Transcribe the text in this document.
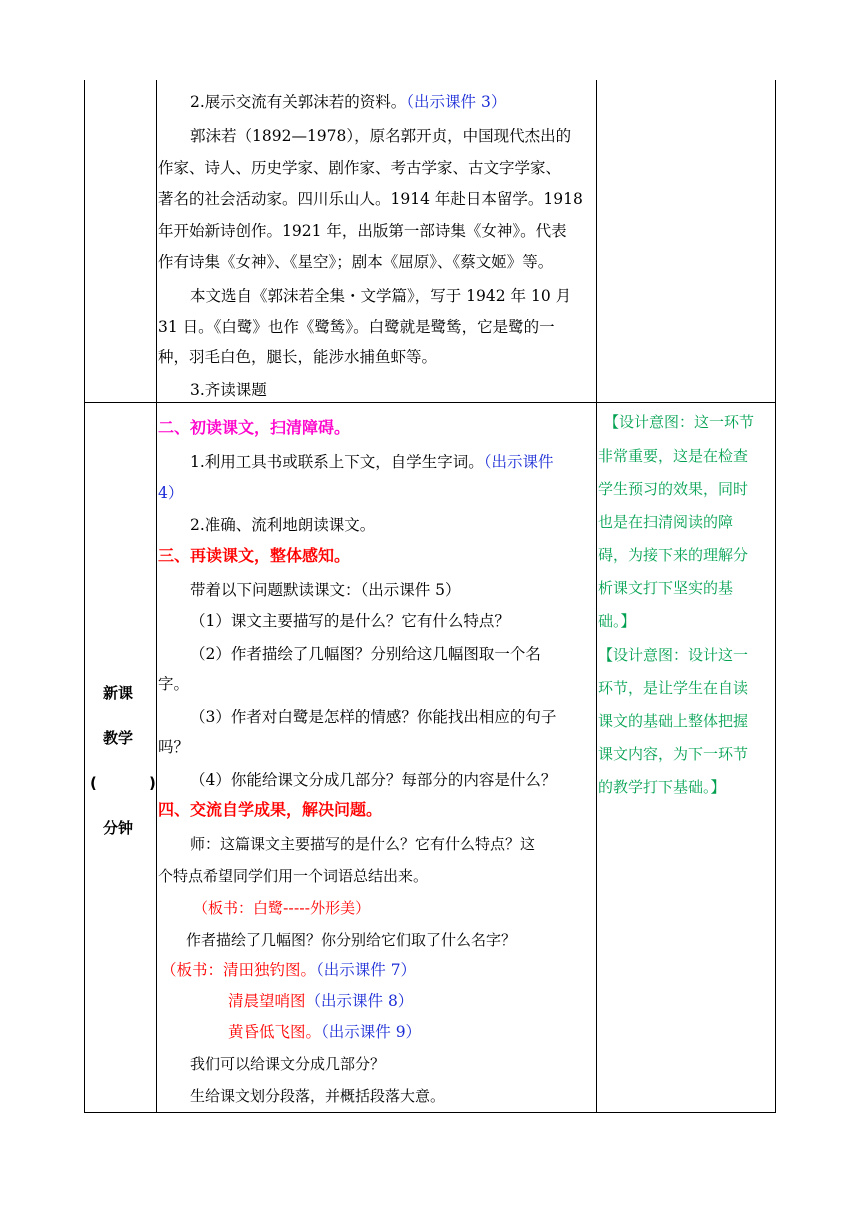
2.展示交流有关郭沫若的资料。（出示课件 3）
郭沫若（1892—1978），原名郭开贞，中国现代杰出的
作家、诗人、历史学家、剧作家、考古学家、古文字学家、
著名的社会活动家。四川乐山人。1914 年赴日本留学。1918
年开始新诗创作。1921 年，出版第一部诗集《女神》。代表
作有诗集《女神》、《星空》；剧本《屈原》、《蔡文姬》等。
本文选自《郭沫若全集・文学篇》，写于 1942 年 10 月
31 日。《白鹭》也作《鹭鸶》。白鹭就是鹭鸶，它是鹭的一
种，羽毛白色，腿长，能涉水捕鱼虾等。
3.齐读课题
新课
教学
(	)
分钟
二、初读课文，扫清障碍。
1.利用工具书或联系上下文，自学生字词。（出示课件
4）
2.准确、流利地朗读课文。
三、再读课文，整体感知。
带着以下问题默读课文：（出示课件 5）
（1）课文主要描写的是什么？它有什么特点？
（2）作者描绘了几幅图？分别给这几幅图取一个名
字。
（3）作者对白鹭是怎样的情感？你能找出相应的句子
吗？
（4）你能给课文分成几部分？每部分的内容是什么？
四、交流自学成果，解决问题。
师：这篇课文主要描写的是什么？它有什么特点？这
个特点希望同学们用一个词语总结出来。
（板书：白鹭-----外形美）
作者描绘了几幅图？你分别给它们取了什么名字？
（板书：清田独钓图。（出示课件 7）
清晨望哨图（出示课件 8）
黄昏低飞图。（出示课件 9）
我们可以给课文分成几部分？
生给课文划分段落，并概括段落大意。
【设计意图：这一环节
非常重要，这是在检查
学生预习的效果，同时
也是在扫清阅读的障
碍，为接下来的理解分
析课文打下坚实的基
础。】
【设计意图：设计这一
环节，是让学生在自读
课文的基础上整体把握
课文内容，为下一环节
的教学打下基础。】
